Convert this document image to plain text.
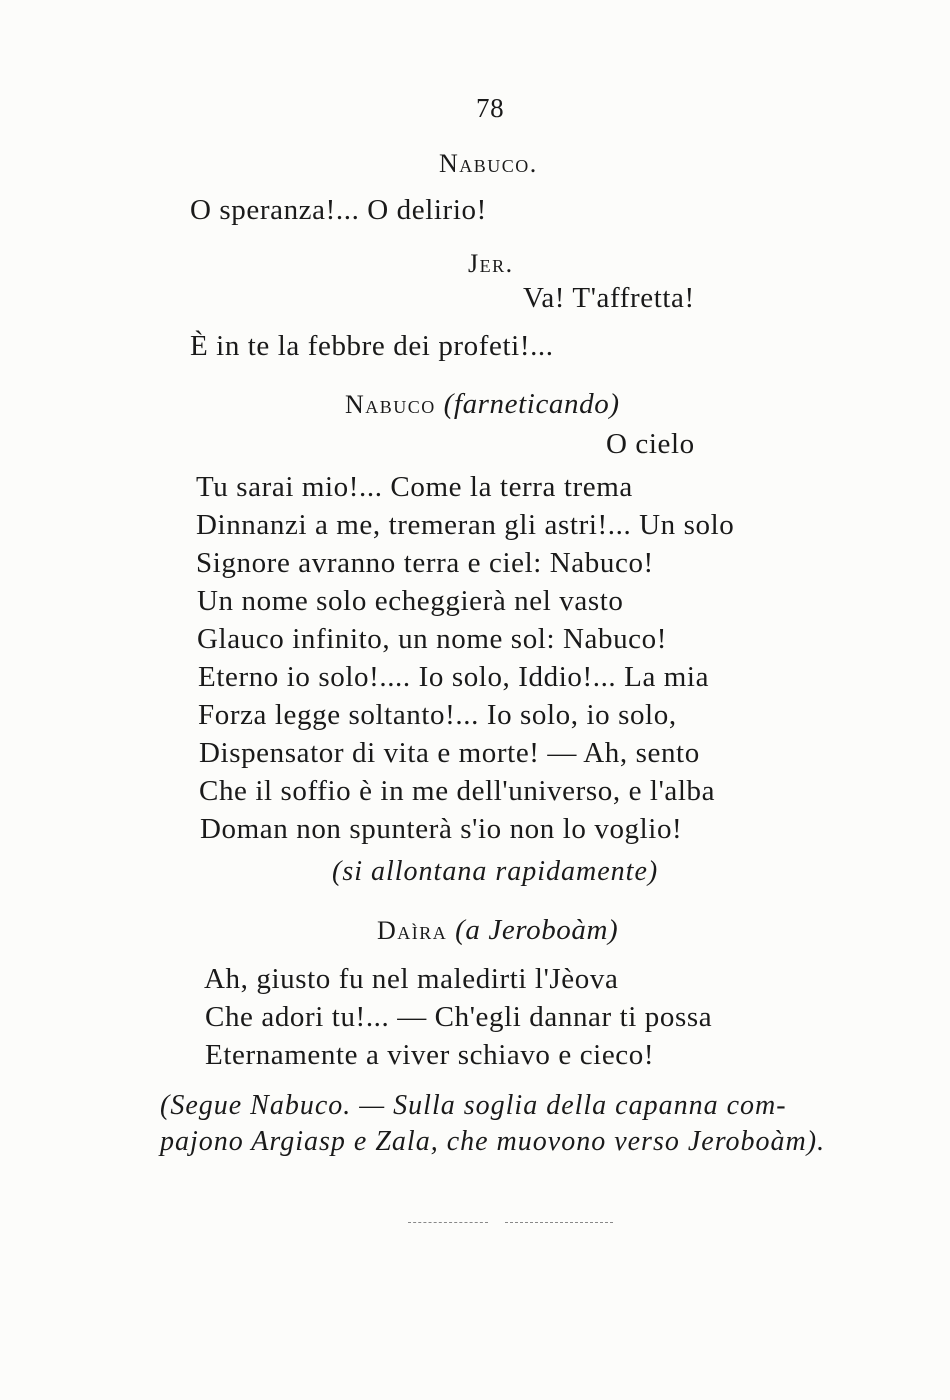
78
Nabuco.
O speranza!... O delirio!
Jer.
Va! T'affretta!
È in te la febbre dei profeti!...
Nabuco (farneticando)
O cielo
Tu sarai mio!... Come la terra trema
Dinnanzi a me, tremeran gli astri!... Un solo
Signore avranno terra e ciel: Nabuco!
Un nome solo echeggierà nel vasto
Glauco infinito, un nome sol: Nabuco!
Eterno io solo!.... Io solo, Iddio!... La mia
Forza legge soltanto!... Io solo, io solo,
Dispensator di vita e morte! — Ah, sento
Che il soffio è in me dell'universo, e l'alba
Doman non spunterà s'io non lo voglio!
(si allontana rapidamente)
Daìra (a Jeroboàm)
Ah, giusto fu nel maledirti l'Jèova
Che adori tu!... — Ch'egli dannar ti possa
Eternamente a viver schiavo e cieco!
(Segue Nabuco. — Sulla soglia della capanna com-
pajono Argiasp e Zala, che muovono verso Jeroboàm).
